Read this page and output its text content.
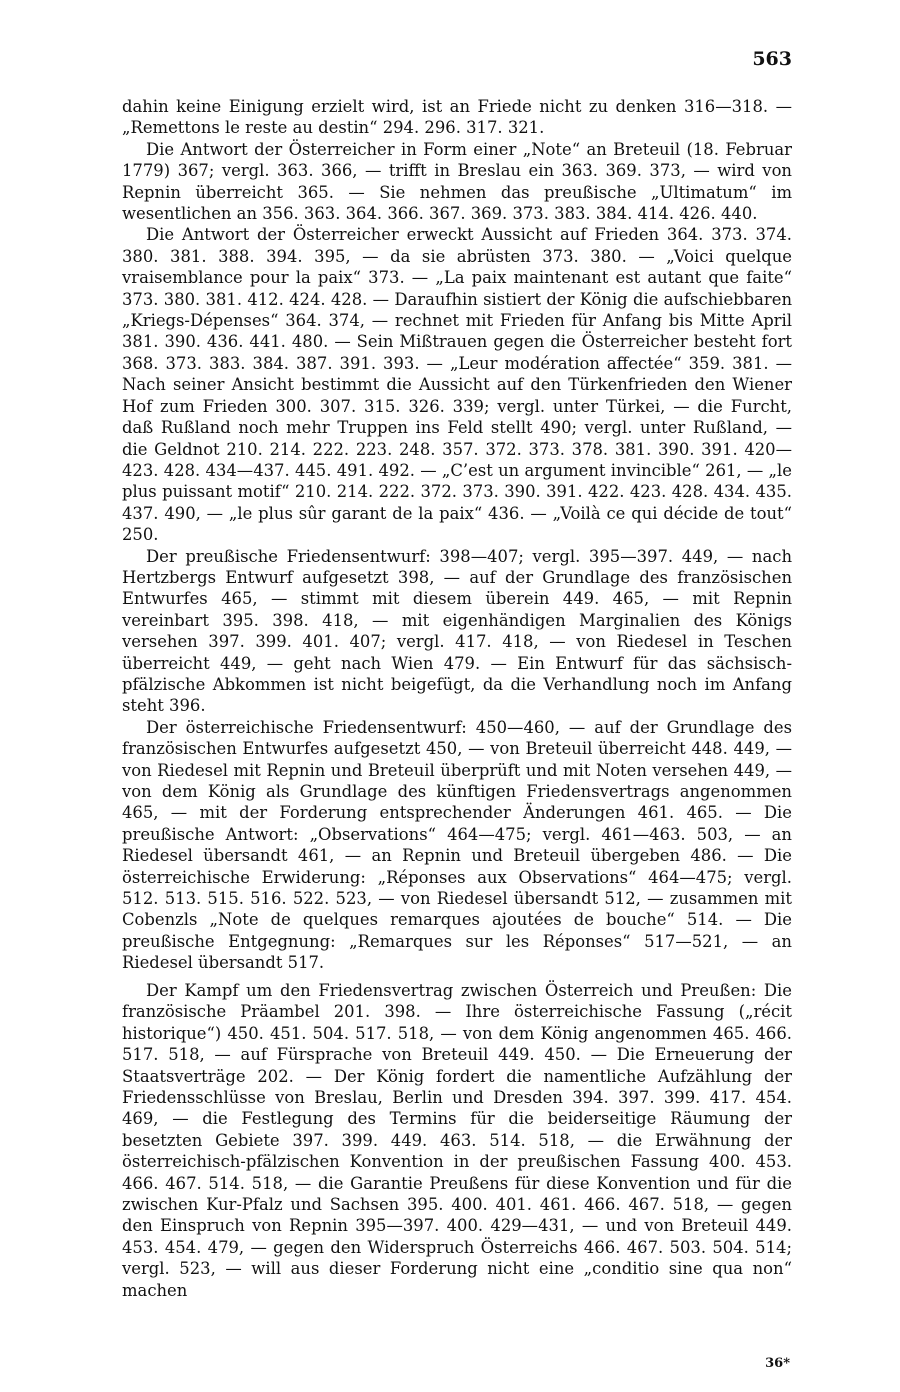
563

dahin keine Einigung erzielt wird, ist an Friede nicht zu denken 316—318. — „Remettons le reste au destin“ 294. 296. 317. 321.

Die Antwort der Österreicher in Form einer „Note“ an Breteuil (18. Februar 1779) 367; vergl. 363. 366, — trifft in Breslau ein 363. 369. 373, — wird von Repnin überreicht 365. — Sie nehmen das preußische „Ultimatum“ im wesentlichen an 356. 363. 364. 366. 367. 369. 373. 383. 384. 414. 426. 440.

Die Antwort der Österreicher erweckt Aussicht auf Frieden 364. 373. 374. 380. 381. 388. 394. 395, — da sie abrüsten 373. 380. — „Voici quelque vraisemblance pour la paix“ 373. — „La paix maintenant est autant que faite“ 373. 380. 381. 412. 424. 428. — Daraufhin sistiert der König die aufschiebbaren „Kriegs-Dépenses“ 364. 374, — rechnet mit Frieden für Anfang bis Mitte April 381. 390. 436. 441. 480. — Sein Mißtrauen gegen die Österreicher besteht fort 368. 373. 383. 384. 387. 391. 393. — „Leur modération affectée“ 359. 381. — Nach seiner Ansicht bestimmt die Aussicht auf den Türkenfrieden den Wiener Hof zum Frieden 300. 307. 315. 326. 339; vergl. unter Türkei, — die Furcht, daß Rußland noch mehr Truppen ins Feld stellt 490; vergl. unter Rußland, — die Geldnot 210. 214. 222. 223. 248. 357. 372. 373. 378. 381. 390. 391. 420—423. 428. 434—437. 445. 491. 492. — „C’est un argument invincible“ 261, — „le plus puissant motif“ 210. 214. 222. 372. 373. 390. 391. 422. 423. 428. 434. 435. 437. 490, — „le plus sûr garant de la paix“ 436. — „Voilà ce qui décide de tout“ 250.

Der preußische Friedensentwurf: 398—407; vergl. 395—397. 449, — nach Hertzbergs Entwurf aufgesetzt 398, — auf der Grundlage des französischen Entwurfes 465, — stimmt mit diesem überein 449. 465, — mit Repnin vereinbart 395. 398. 418, — mit eigenhändigen Marginalien des Königs versehen 397. 399. 401. 407; vergl. 417. 418, — von Riedesel in Teschen überreicht 449, — geht nach Wien 479. — Ein Entwurf für das sächsisch-pfälzische Abkommen ist nicht beigefügt, da die Verhandlung noch im Anfang steht 396.

Der österreichische Friedensentwurf: 450—460, — auf der Grundlage des französischen Entwurfes aufgesetzt 450, — von Breteuil überreicht 448. 449, — von Riedesel mit Repnin und Breteuil überprüft und mit Noten versehen 449, — von dem König als Grundlage des künftigen Friedensvertrags angenommen 465, — mit der Forderung entsprechender Änderungen 461. 465. — Die preußische Antwort: „Observations“ 464—475; vergl. 461—463. 503, — an Riedesel übersandt 461, — an Repnin und Breteuil übergeben 486. — Die österreichische Erwiderung: „Réponses aux Observations“ 464—475; vergl. 512. 513. 515. 516. 522. 523, — von Riedesel übersandt 512, — zusammen mit Cobenzls „Note de quelques remarques ajoutées de bouche“ 514. — Die preußische Entgegnung: „Remarques sur les Réponses“ 517—521, — an Riedesel übersandt 517.

Der Kampf um den Friedensvertrag zwischen Österreich und Preußen: Die französische Präambel 201. 398. — Ihre österreichische Fassung („récit historique“) 450. 451. 504. 517. 518, — von dem König angenommen 465. 466. 517. 518, — auf Fürsprache von Breteuil 449. 450. — Die Erneuerung der Staatsverträge 202. — Der König fordert die namentliche Aufzählung der Friedensschlüsse von Breslau, Berlin und Dresden 394. 397. 399. 417. 454. 469, — die Festlegung des Termins für die beiderseitige Räumung der besetzten Gebiete 397. 399. 449. 463. 514. 518, — die Erwähnung der österreichisch-pfälzischen Konvention in der preußischen Fassung 400. 453. 466. 467. 514. 518, — die Garantie Preußens für diese Konvention und für die zwischen Kur-Pfalz und Sachsen 395. 400. 401. 461. 466. 467. 518, — gegen den Einspruch von Repnin 395—397. 400. 429—431, — und von Breteuil 449. 453. 454. 479, — gegen den Widerspruch Österreichs 466. 467. 503. 504. 514; vergl. 523, — will aus dieser Forderung nicht eine „conditio sine qua non“ machen

36*
